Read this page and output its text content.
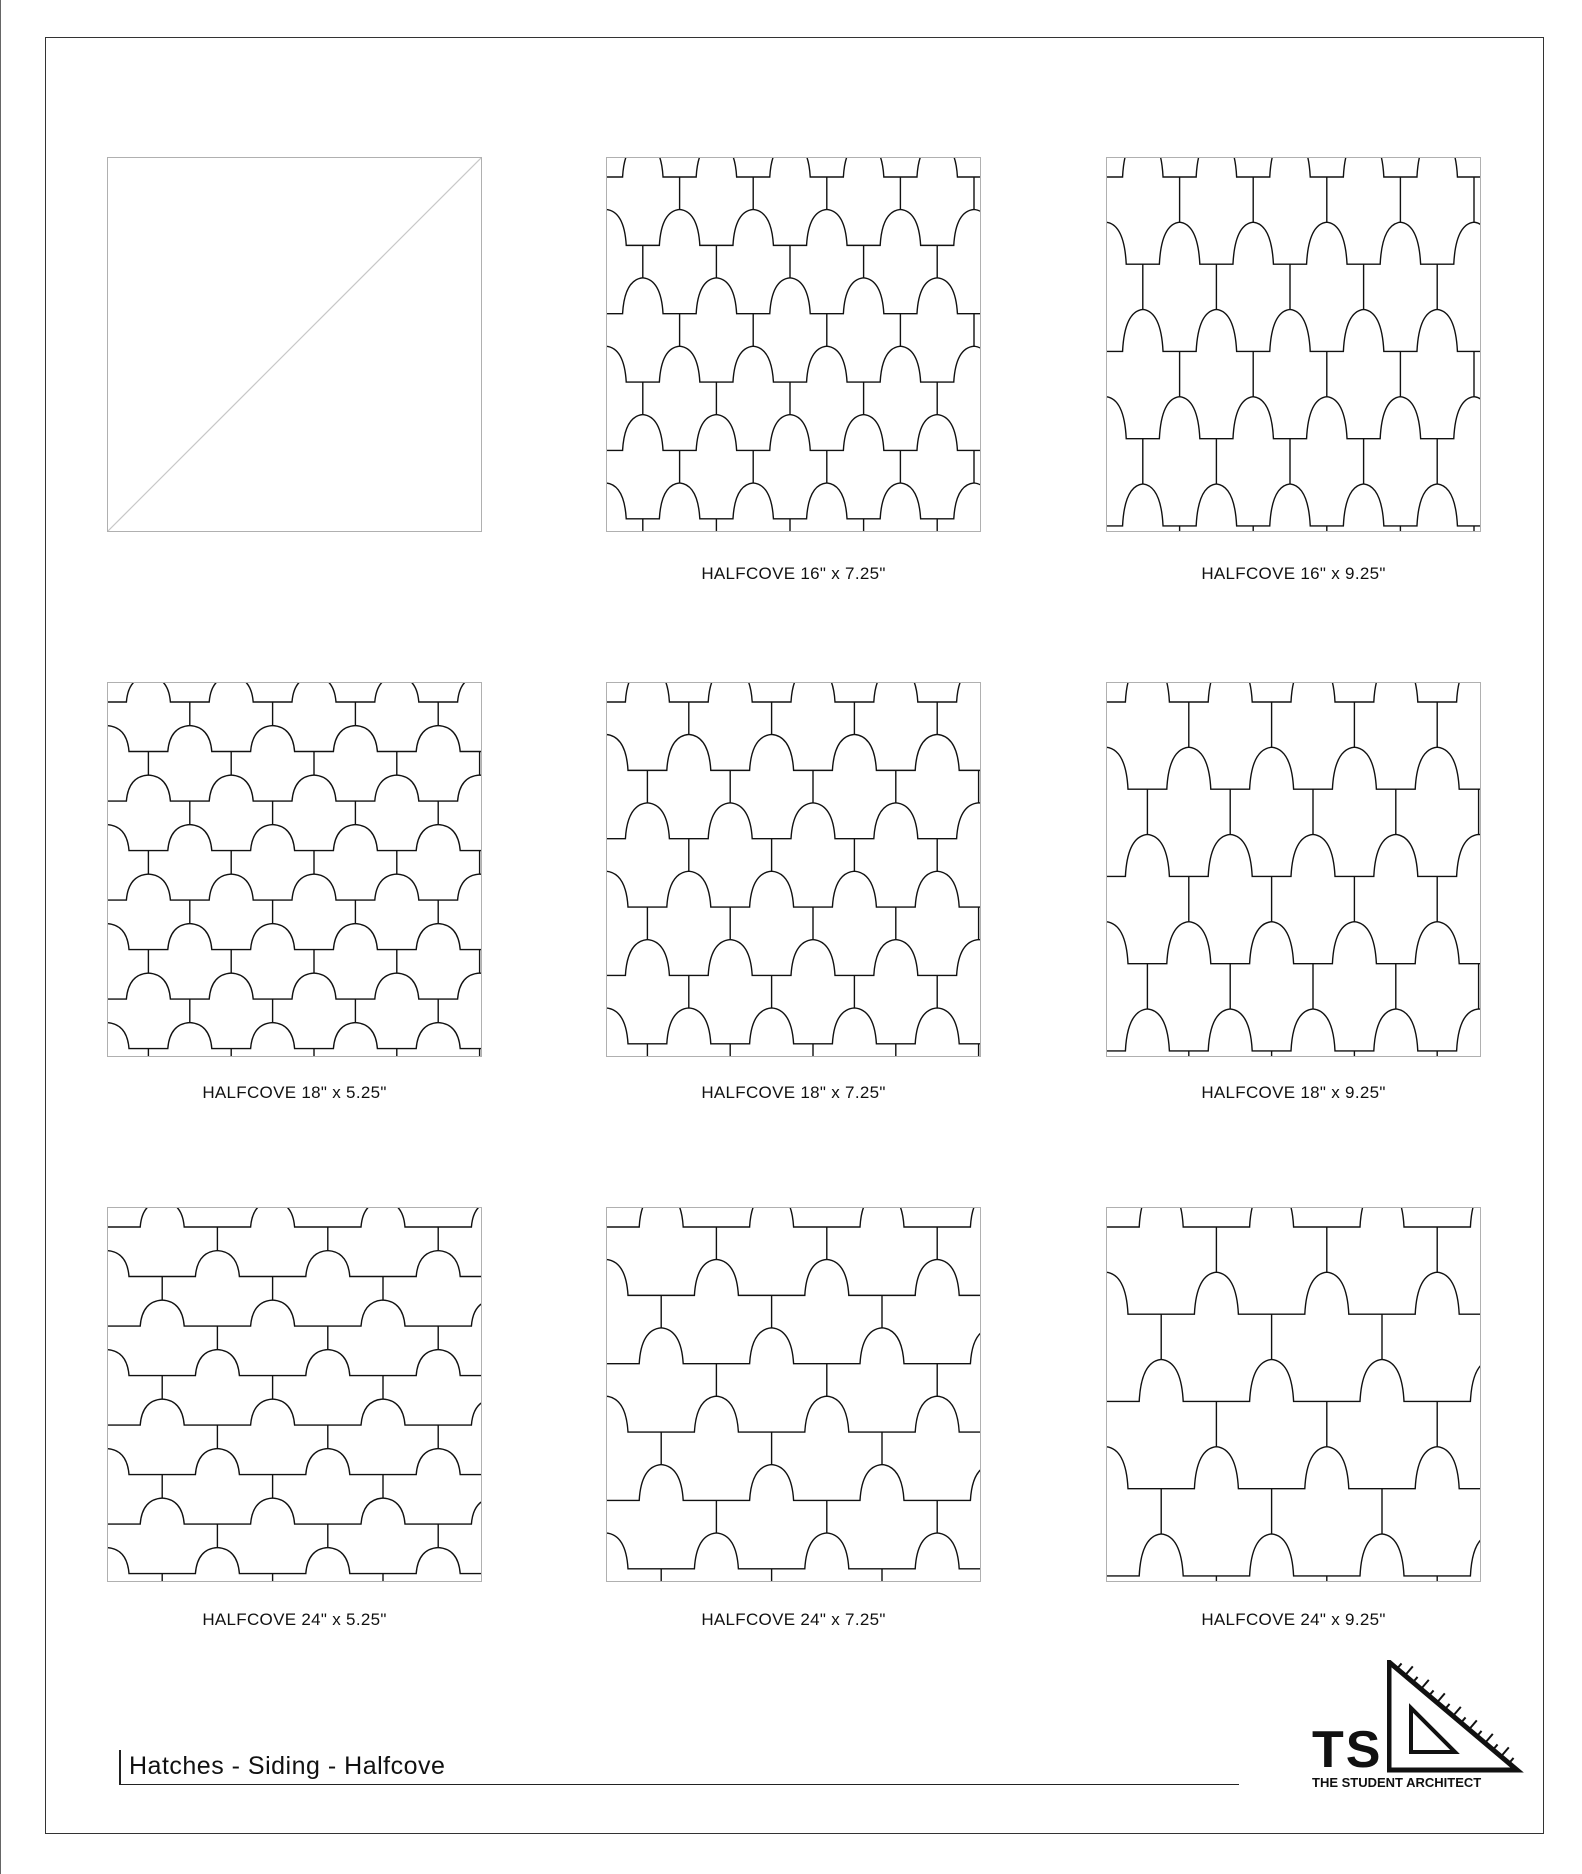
HALFCOVE 16" x 7.25"	HALFCOVE 16" x 9.25"
HALFCOVE 18" x 5.25"	HALFCOVE 18" x 7.25"	HALFCOVE 18" x 9.25"
HALFCOVE 24" x 5.25"	HALFCOVE 24" x 7.25"	HALFCOVE 24" x 9.25"
Hatches - Siding - Halfcove	TS
THE STUDENT ARCHITECT
